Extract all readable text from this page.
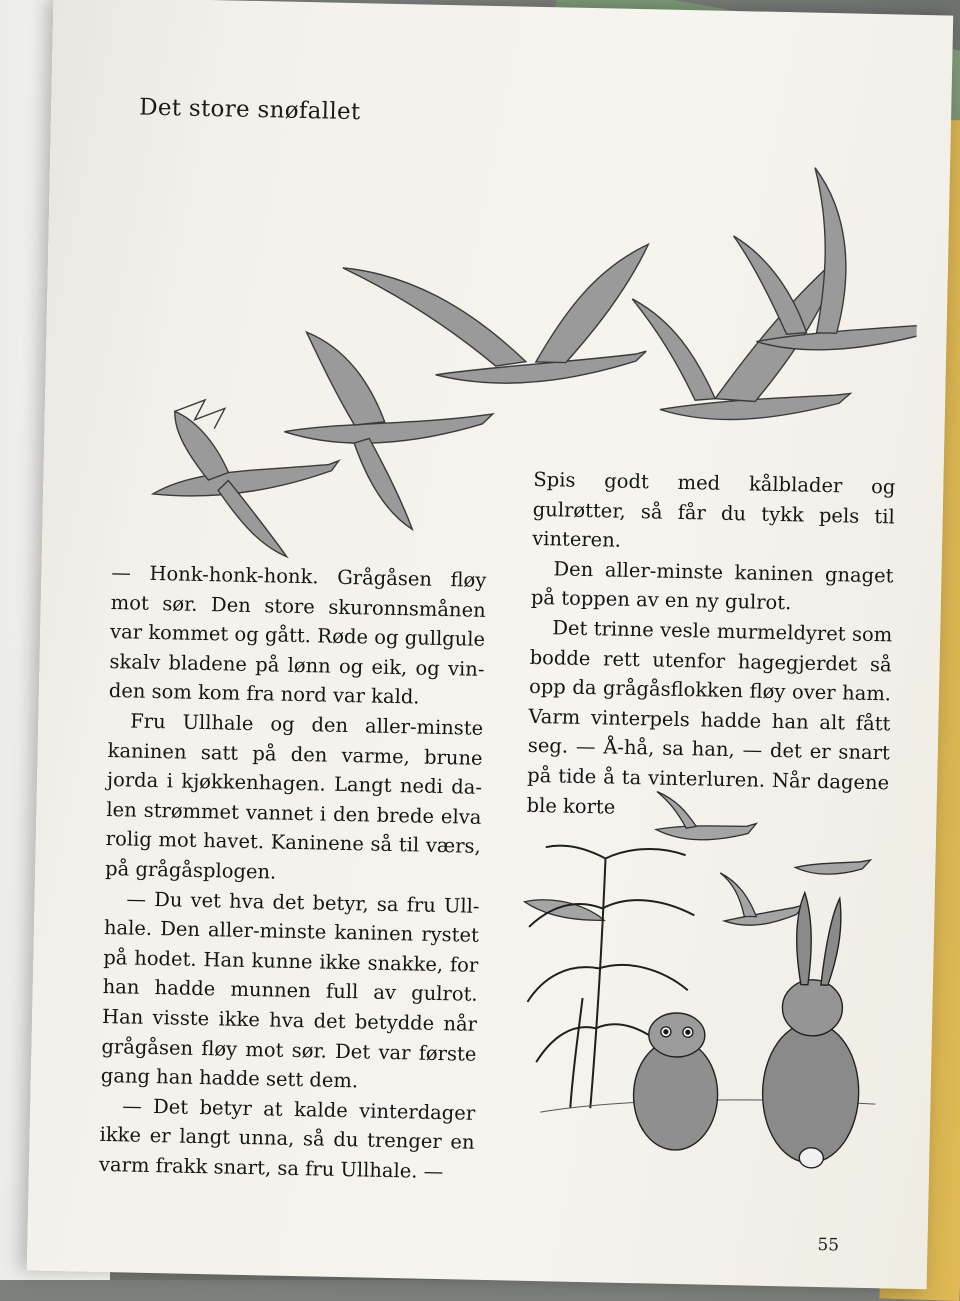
Det store snøfallet

— Honk-honk-honk. Grågåsen fløy mot sør. Den store skuronnsmånen var kommet og gått. Røde og gullgule skalv bladene på lønn og eik, og vinden som kom fra nord var kald.

Fru Ullhale og den aller-minste kaninen satt på den varme, brune jorda i kjøkkenhagen. Langt nedi dalen strømmet vannet i den brede elva rolig mot havet. Kaninene så til værs, på grågåsplogen.

— Du vet hva det betyr, sa fru Ullhale. Den aller-minste kaninen rystet på hodet. Han kunne ikke snakke, for han hadde munnen full av gulrot. Han visste ikke hva det betydde når grågåsen fløy mot sør. Det var første gang han hadde sett dem.

— Det betyr at kalde vinterdager ikke er langt unna, så du trenger en varm frakk snart, sa fru Ullhale. —

Spis godt med kålblader og gulrøtter, så får du tykk pels til vinteren.

Den aller-minste kaninen gnaget på toppen av en ny gulrot.

Det trinne vesle murmeldyret som bodde rett utenfor hagegjerdet så opp da grågåsflokken fløy over ham. Varm vinterpels hadde han alt fått seg. — Å-hå, sa han, — det er snart på tide å ta vinterluren. Når dagene ble korte

55
